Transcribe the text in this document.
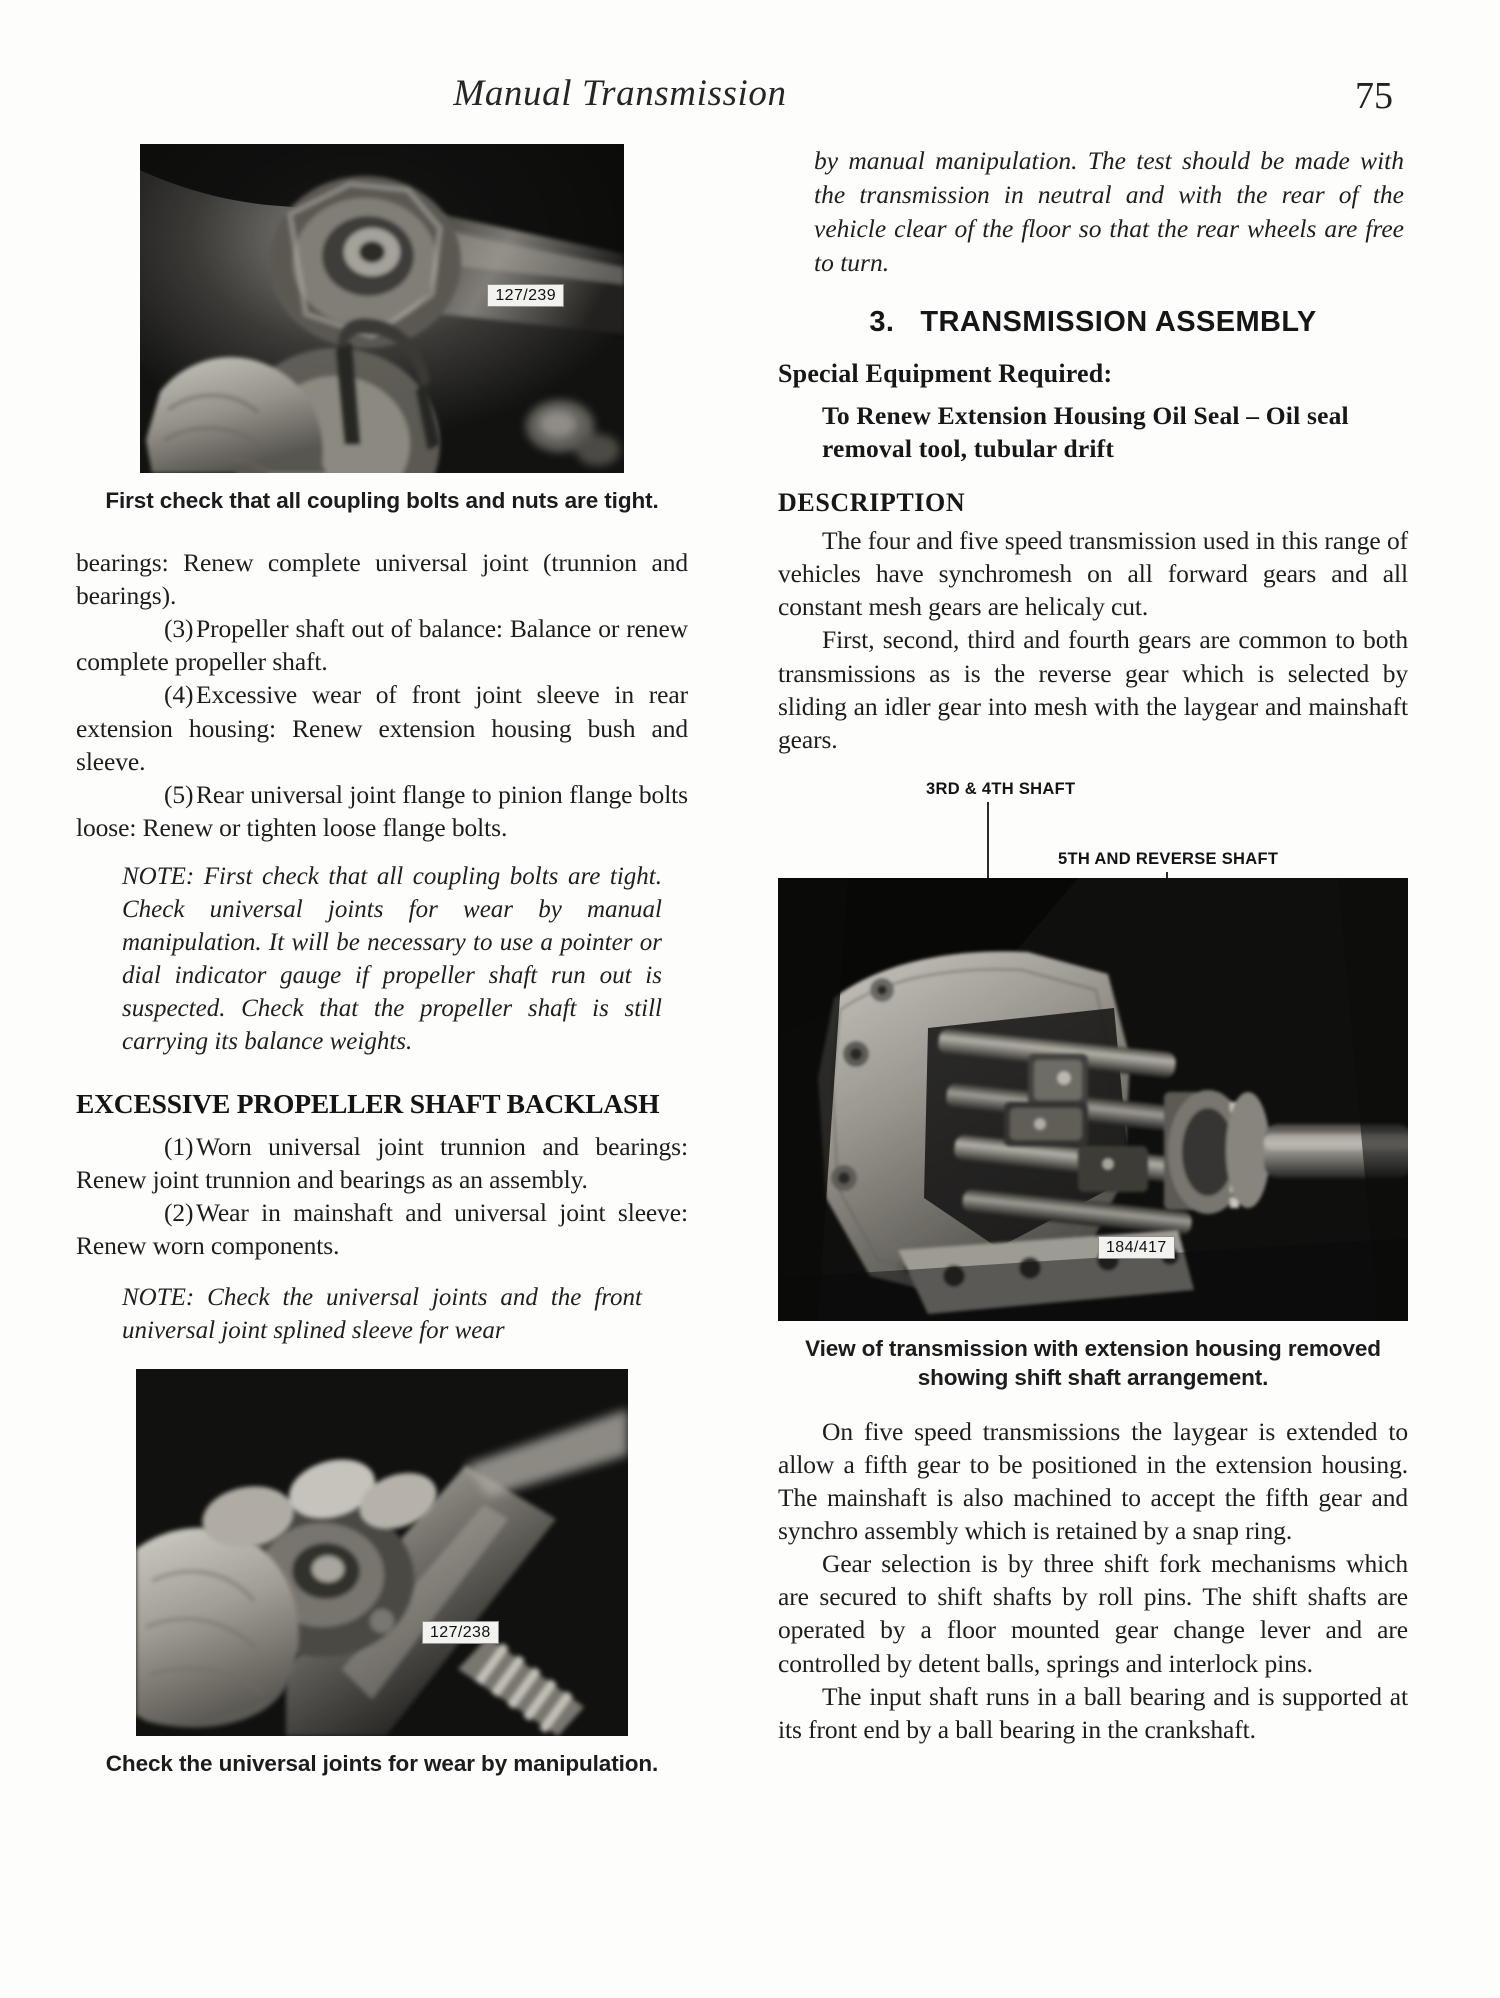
Manual Transmission	75
127/239
First check that all coupling bolts and nuts are tight.

bearings: Renew complete universal joint (trunnion and bearings).

(3) Propeller shaft out of balance: Balance or renew complete propeller shaft.

(4) Excessive wear of front joint sleeve in rear extension housing: Renew extension housing bush and sleeve.

(5) Rear universal joint flange to pinion flange bolts loose: Renew or tighten loose flange bolts.

NOTE: First check that all coupling bolts are tight. Check universal joints for wear by manual manipulation. It will be necessary to use a pointer or dial indicator gauge if propeller shaft run out is suspected. Check that the propeller shaft is still carrying its balance weights.

EXCESSIVE PROPELLER SHAFT BACKLASH

(1) Worn universal joint trunnion and bearings: Renew joint trunnion and bearings as an assembly.

(2) Wear in mainshaft and universal joint sleeve: Renew worn components.

NOTE: Check the universal joints and the front universal joint splined sleeve for wear

127/238
Check the universal joints for wear by manipulation.

by manual manipulation. The test should be made with the transmission in neutral and with the rear of the vehicle clear of the floor so that the rear wheels are free to turn.

3. TRANSMISSION ASSEMBLY
Special Equipment Required:

To Renew Extension Housing Oil Seal – Oil seal removal tool, tubular drift

DESCRIPTION

The four and five speed transmission used in this range of vehicles have synchromesh on all forward gears and all constant mesh gears are helicaly cut.

First, second, third and fourth gears are common to both transmissions as is the reverse gear which is selected by sliding an idler gear into mesh with the laygear and mainshaft gears.

3RD & 4TH SHAFT
5TH AND REVERSE SHAFT
184/417
View of transmission with extension housing removed
showing shift shaft arrangement.

On five speed transmissions the laygear is extended to allow a fifth gear to be positioned in the extension housing. The mainshaft is also machined to accept the fifth gear and synchro assembly which is retained by a snap ring.

Gear selection is by three shift fork mechanisms which are secured to shift shafts by roll pins. The shift shafts are operated by a floor mounted gear change lever and are controlled by detent balls, springs and interlock pins.

The input shaft runs in a ball bearing and is supported at its front end by a ball bearing in the crankshaft.
